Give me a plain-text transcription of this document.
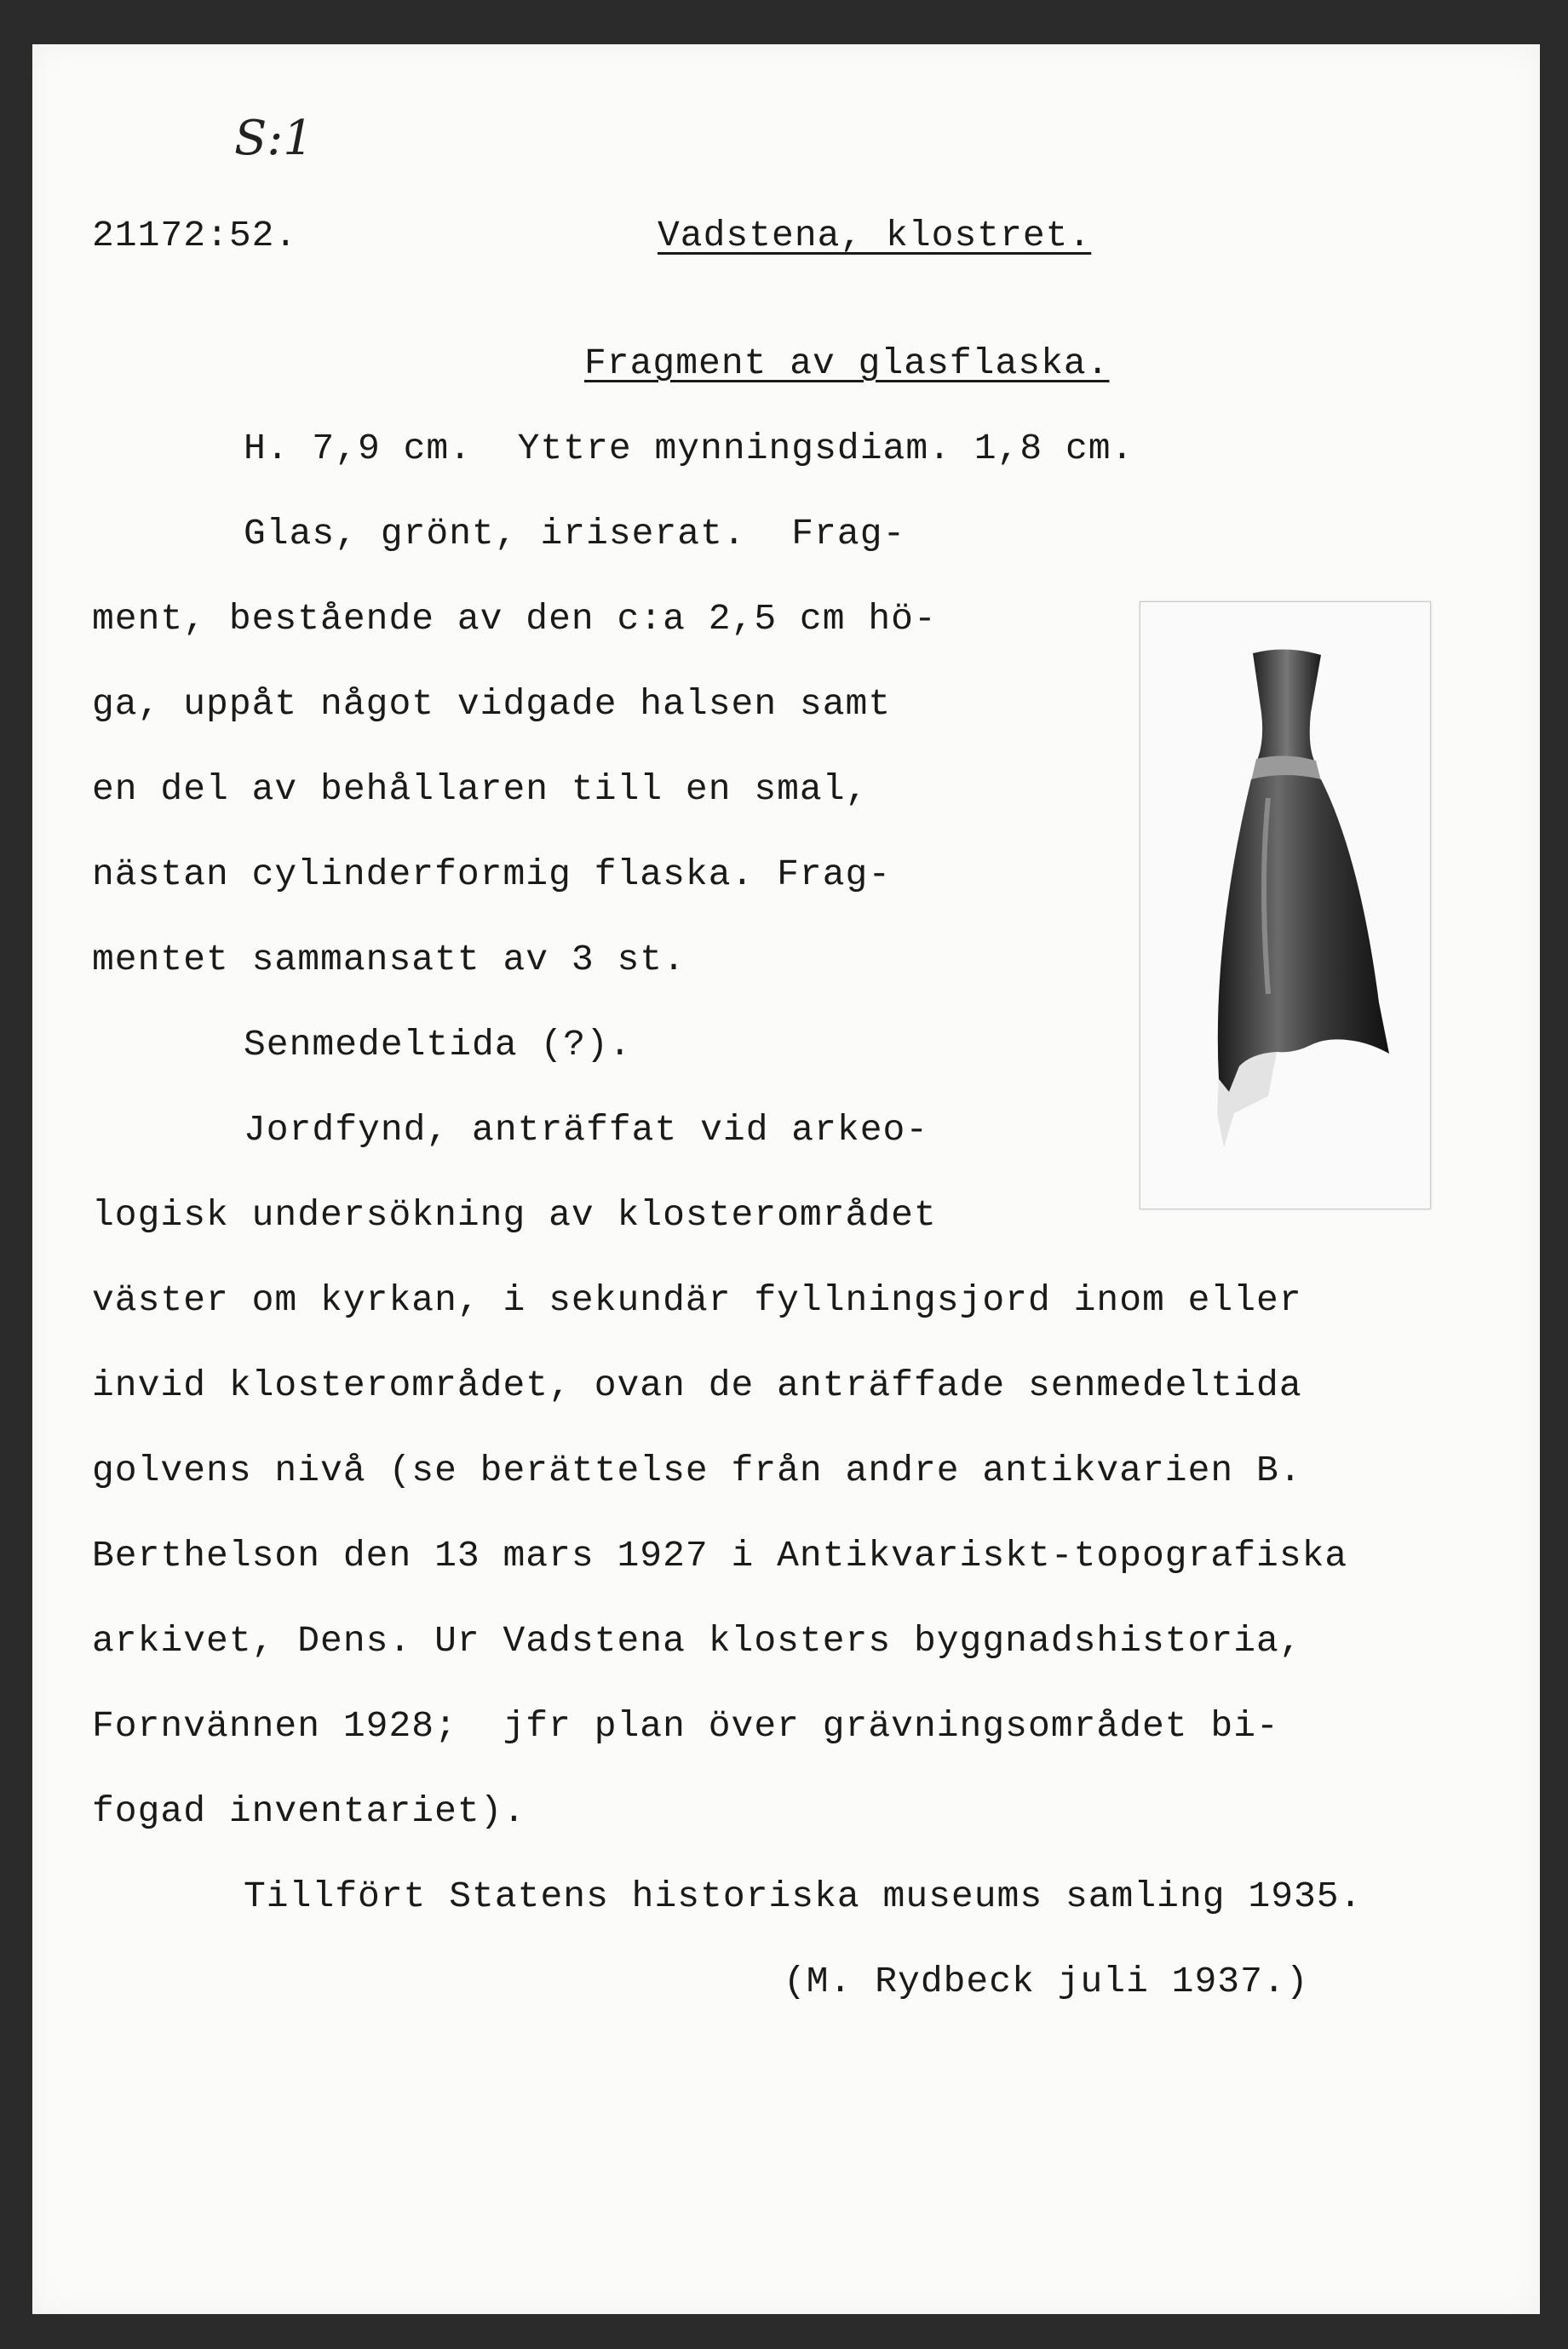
S:1
21172:52.	Vadstena, klostret.
Fragment av glasflaska.
H. 7,9 cm.  Yttre mynningsdiam. 1,8 cm.
Glas, grönt, iriserat.  Frag-
ment, bestående av den c:a 2,5 cm hö-
ga, uppåt något vidgade halsen samt
en del av behållaren till en smal,
nästan cylinderformig flaska. Frag-
mentet sammansatt av 3 st.
Senmedeltida (?).
Jordfynd, anträffat vid arkeo-
logisk undersökning av klosterområdet
väster om kyrkan, i sekundär fyllningsjord inom eller
invid klosterområdet, ovan de anträffade senmedeltida
golvens nivå (se berättelse från andre antikvarien B.
Berthelson den 13 mars 1927 i Antikvariskt-topografiska
arkivet, Dens. Ur Vadstena klosters byggnadshistoria,
Fornvännen 1928;  jfr plan över grävningsområdet bi-
fogad inventariet).
Tillfört Statens historiska museums samling 1935.
(M. Rydbeck juli 1937.)
